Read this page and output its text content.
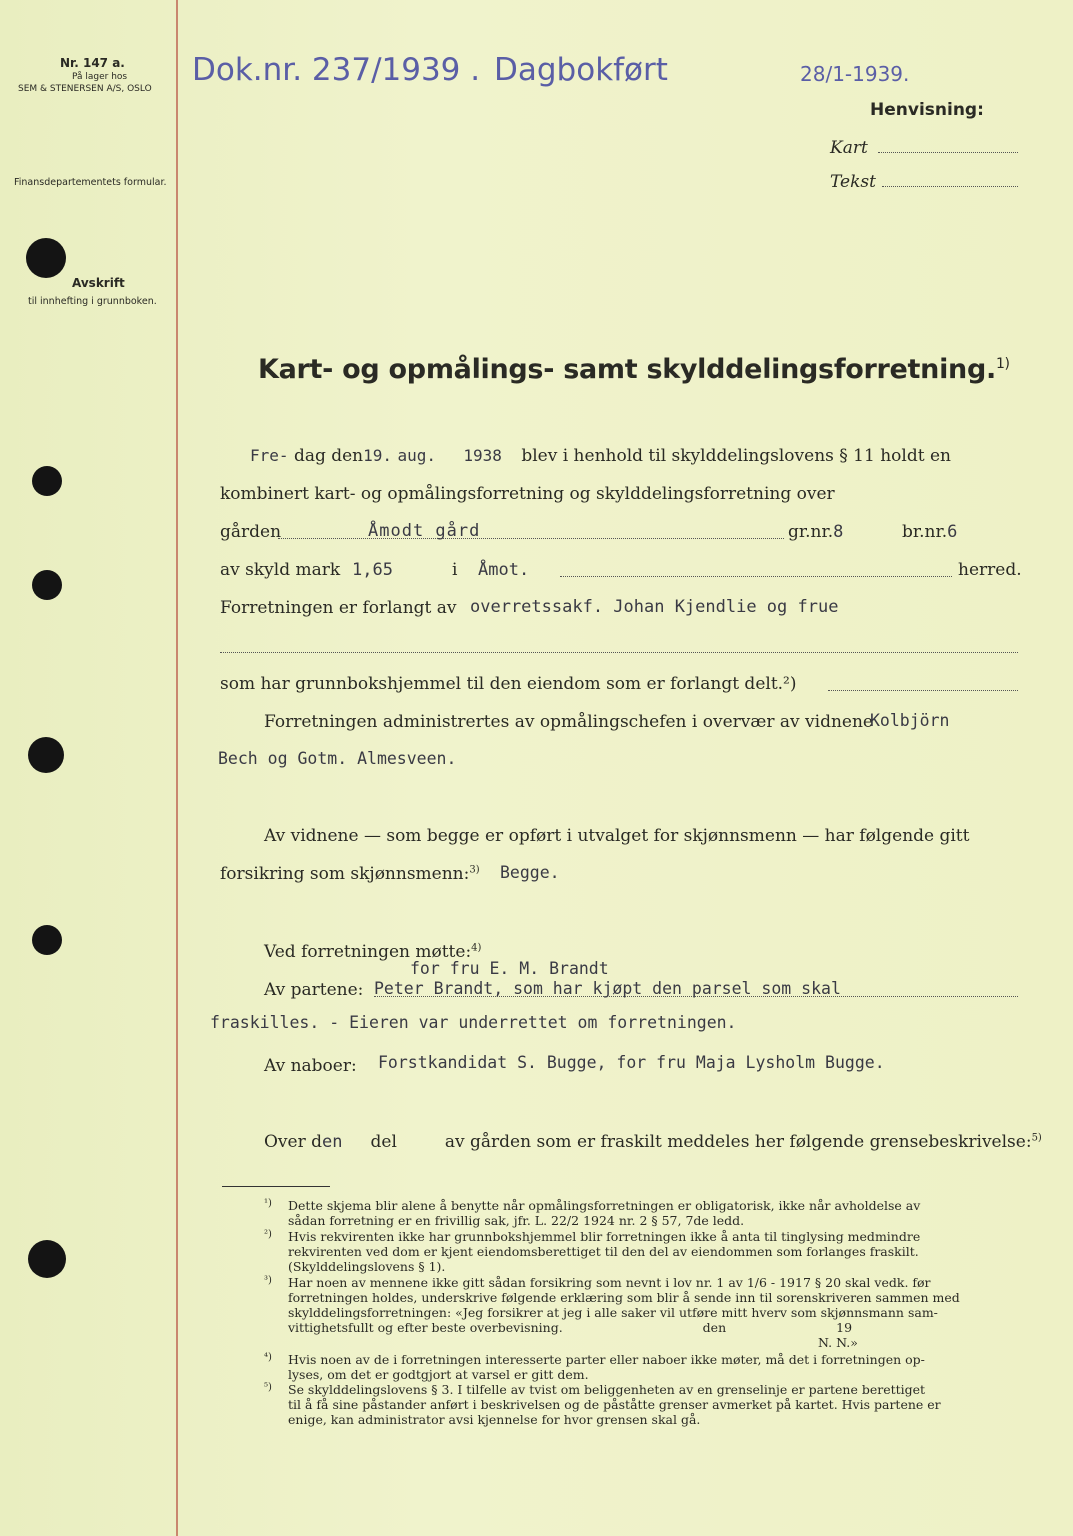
Nr. 147 a.
På lager hos
SEM & STENERSEN A/S, OSLO
Finansdepartementets formular.
Avskrift
til innhefting i grunnboken.
Dok.nr. 237/1939 . Dagbokført	28/1-1939.
Henvisning:
Kart
Tekst
Kart- og opmålings- samt skylddelingsforretning.$^{1)}$
Fre- dag den19. aug. 1938 blev i henhold til skylddelingslovens § 11 holdt en
kombinert kart- og opmålingsforretning og skylddelingsforretning over
gården	Åmodt gård	gr.nr.8	br.nr.6
av skyld mark 1,65	i Åmot.	herred.
Forretningen er forlangt av overretssakf. Johan Kjendlie og frue
som har grunnbokshjemmel til den eiendom som er forlangt delt.²)
Forretningen administrertes av opmålingschefen i overvær av vidnene
Kolbjörn
Bech og Gotm. Almesveen.
Av vidnene — som begge er opført i utvalget for skjønnsmenn — har følgende gitt
forsikring som skjønnsmenn:$^{3)}$ Begge.
Ved forretningen møtte:$^{4)}$
for fru E. M. Brandt
Av partene: Peter Brandt, som har kjøpt den parsel som skal
fraskilles. - Eieren var underrettet om forretningen.
Av naboer: Forstkandidat S. Bugge, for fru Maja Lysholm Bugge.
Over den del	av gården som er fraskilt meddeles her følgende grensebeskrivelse:$^{5)}$
¹) Dette skjema blir alene å benytte når opmålingsforretningen er obligatorisk, ikke når avholdelse av
sådan forretning er en frivillig sak, jfr. L. 22/2 1924 nr. 2 § 57, 7de ledd.
²) Hvis rekvirenten ikke har grunnbokshjemmel blir forretningen ikke å anta til tinglysing medmindre
rekvirenten ved dom er kjent eiendomsberettiget til den del av eiendommen som forlanges fraskilt.
(Skylddelingslovens § 1).
³) Har noen av mennene ikke gitt sådan forsikring som nevnt i lov nr. 1 av 1/6 - 1917 § 20 skal vedk. før
forretningen holdes, underskrive følgende erklæring som blir å sende inn til sorenskriveren sammen med
skylddelingsforretningen: «Jeg forsikrer at jeg i alle saker vil utføre mitt hverv som skjønnsmann sam-
vittighetsfullt og efter beste overbevisning.	den	19
N. N.»
⁴) Hvis noen av de i forretningen interesserte parter eller naboer ikke møter, må det i forretningen op-
lyses, om det er godtgjort at varsel er gitt dem.
⁵) Se skylddelingslovens § 3. I tilfelle av tvist om beliggenheten av en grenselinje er partene berettiget
til å få sine påstander anført i beskrivelsen og de påståtte grenser avmerket på kartet. Hvis partene er
enige, kan administrator avsi kjennelse for hvor grensen skal gå.
